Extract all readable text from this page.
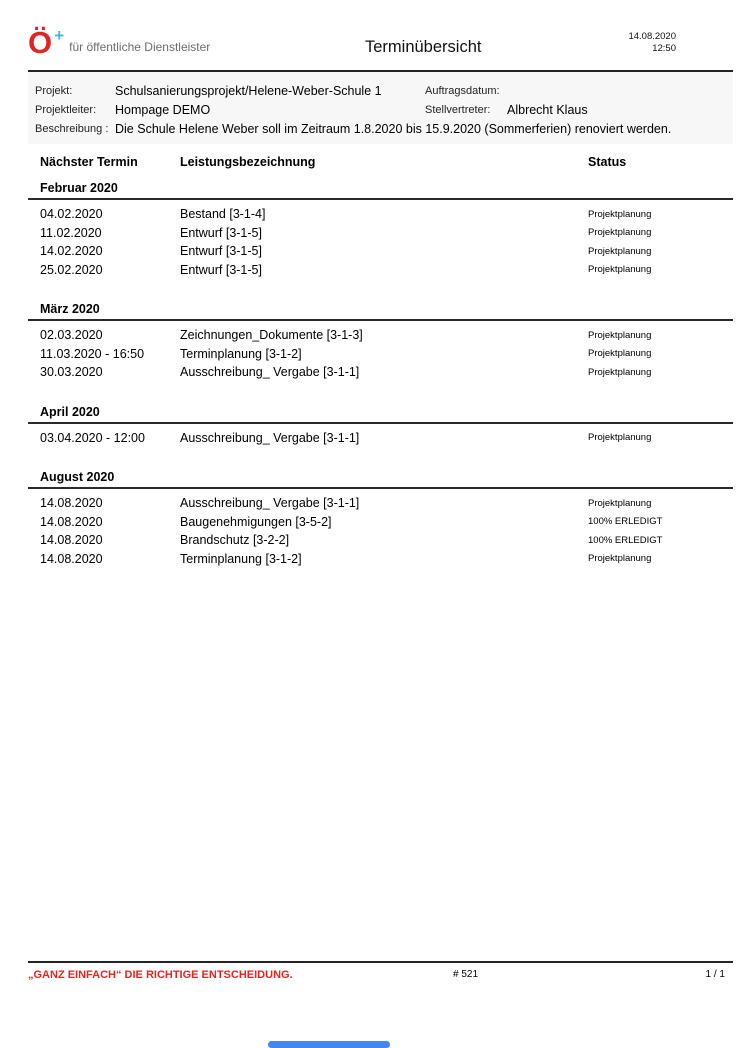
Ö +
für öffentliche Dienstleister	Terminübersicht
14.08.2020
12:50
Projekt:	Schulsanierungsprojekt/Helene-Weber-Schule 1	Auftragsdatum:
Projektleiter:	Hompage DEMO	Stellvertreter:	Albrecht Klaus
Beschreibung : Die Schule Helene Weber soll im Zeitraum 1.8.2020 bis 15.9.2020 (Sommerferien) renoviert werden.
Nächster Termin	Leistungsbezeichnung	Status
Februar 2020
04.02.2020	Bestand [3-1-4]	Projektplanung
11.02.2020	Entwurf [3-1-5]	Projektplanung
14.02.2020	Entwurf [3-1-5]	Projektplanung
25.02.2020	Entwurf [3-1-5]	Projektplanung
März 2020
02.03.2020	Zeichnungen_Dokumente [3-1-3]	Projektplanung
11.03.2020 - 16:50	Terminplanung [3-1-2]	Projektplanung
30.03.2020	Ausschreibung_ Vergabe [3-1-1]	Projektplanung
April 2020
03.04.2020 - 12:00	Ausschreibung_ Vergabe [3-1-1]	Projektplanung
August 2020
14.08.2020	Ausschreibung_ Vergabe [3-1-1]	Projektplanung
14.08.2020	Baugenehmigungen [3-5-2]	100% ERLEDIGT
14.08.2020	Brandschutz [3-2-2]	100% ERLEDIGT
14.08.2020	Terminplanung [3-1-2]	Projektplanung
„GANZ EINFACH“ DIE RICHTIGE ENTSCHEIDUNG.	# 521	1 / 1
